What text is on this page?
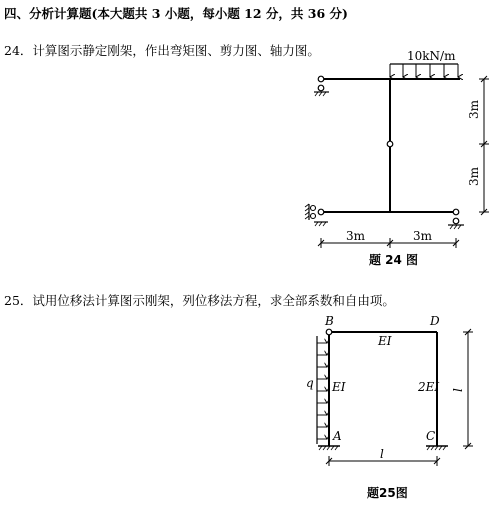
四、分析计算题(本大题共 3 小题，每小题 12 分，共 36 分)
24．计算图示静定刚架，作出弯矩图、剪力图、轴力图。
25．试用位移法计算图示刚架，列位移法方程，求全部系数和自由项。
10kN/m
3m
3m
3m	3m
题 24 图
B	D
A	C
EI
EI	2EI
q
l
l
题25图
